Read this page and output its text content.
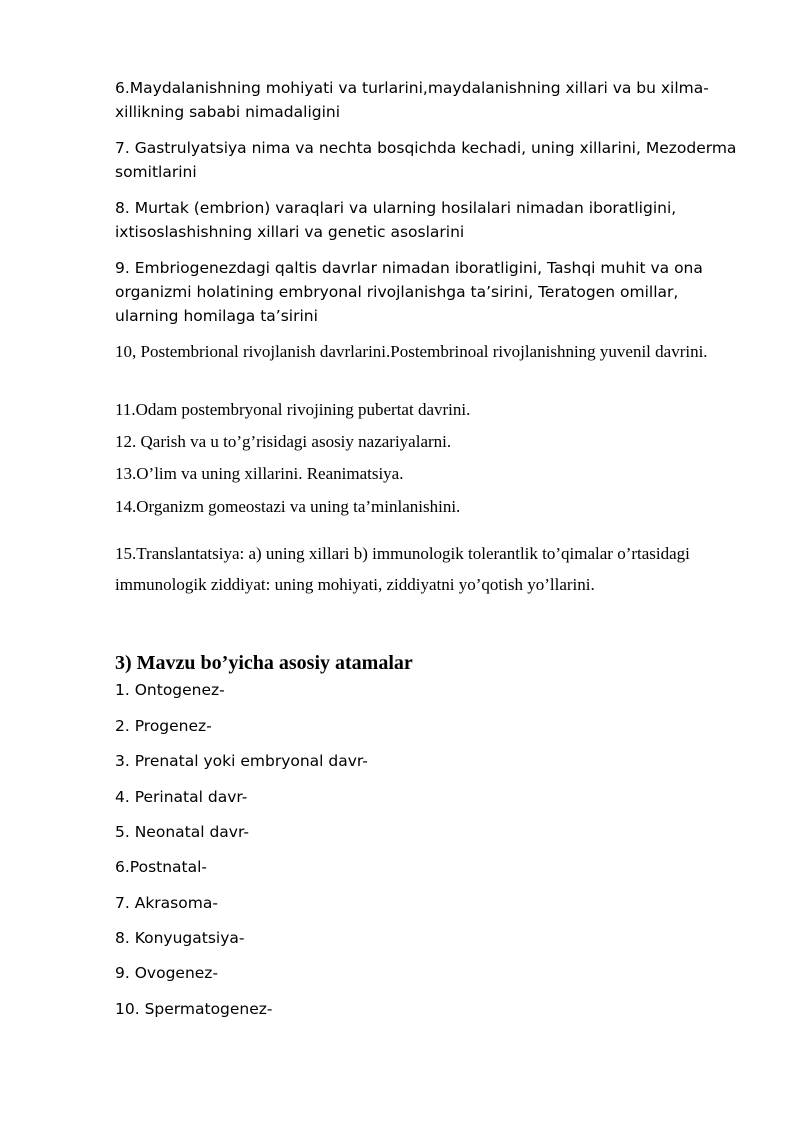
6.Maydalanishning mohiyati va turlarini,maydalanishning xillari va bu xilma-xillikning sababi nimadaligini

7. Gastrulyatsiya nima va nechta bosqichda kechadi, uning xillarini, Mezoderma somitlarini

8. Murtak (embrion) varaqlari va ularning hosilalari nimadan iboratligini, ixtisoslashishning xillari va genetic asoslarini

9. Embriogenezdagi qaltis davrlar nimadan iboratligini, Tashqi muhit va ona organizmi holatining embryonal rivojlanishga ta’sirini, Teratogen omillar, ularning homilaga ta’sirini

10, Postembrional rivojlanish davrlarini.Postembrinoal rivojlanishning yuvenil davrini.

11.Odam postembryonal rivojining pubertat davrini.

12. Qarish va u to’g’risidagi asosiy nazariyalarni.

13.O’lim va uning xillarini. Reanimatsiya.

14.Organizm gomeostazi va uning ta’minlanishini.

15.Translantatsiya: a) uning xillari b) immunologik tolerantlik to’qimalar o’rtasidagi immunologik ziddiyat: uning mohiyati, ziddiyatni yo’qotish yo’llarini.

3) Mavzu bo’yicha asosiy atamalar

1. Ontogenez-

2. Progenez-

3. Prenatal yoki embryonal davr-

4. Perinatal davr-

5. Neonatal davr-

6.Postnatal-

7. Akrasoma-

8. Konyugatsiya-

9. Ovogenez-

10. Spermatogenez-
